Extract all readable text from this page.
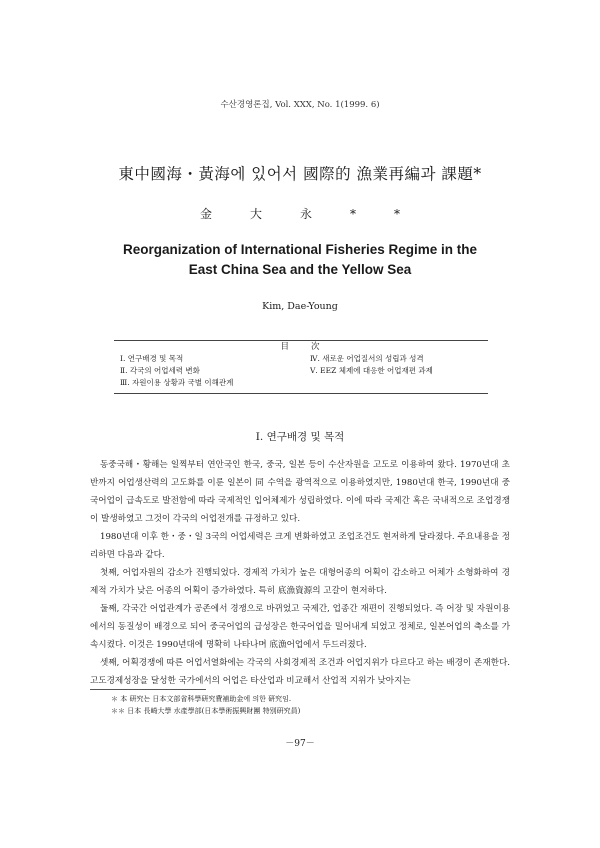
수산경영론집, Vol. XXX, No. 1(1999. 6)
東中國海・黃海에 있어서 國際的 漁業再編과 課題*
金大永**
Reorganization of International Fisheries Regime in the
East China Sea and the Yellow Sea
Kim, Dae-Young
目次
Ⅰ. 연구배경 및 목적
Ⅱ. 각국의 어업세력 변화
Ⅲ. 자원이용 상황과 국별 이해관계
Ⅳ. 새로운 어업질서의 성립과 성격
Ⅴ. EEZ 체제에 대응한 어업재편 과제
Ⅰ. 연구배경 및 목적

동중국해・황해는 일찍부터 연안국인 한국, 중국, 일본 등이 수산자원을 고도로 이용하여 왔다. 1970년대 초반까지 어업생산력의 고도화를 이룬 일본이 同 수역을 광역적으로 이용하였지만, 1980년대 한국, 1990년대 중국어업이 급속도로 발전함에 따라 국제적인 입어체제가 성립하였다. 이에 따라 국제간 혹은 국내적으로 조업경쟁이 발생하였고 그것이 각국의 어업전개를 규정하고 있다.

1980년대 이후 한・중・일 3국의 어업세력은 크게 변화하였고 조업조건도 현저하게 달라졌다. 주요내용을 정리하면 다음과 같다.

첫째, 어업자원의 감소가 진행되었다. 경제적 가치가 높은 대형어종의 어획이 감소하고 어체가 소형화하여 경제적 가치가 낮은 어종의 어획이 증가하였다. 특히 底漁資源의 고갈이 현저하다.

둘째, 각국간 어업관계가 공존에서 경쟁으로 바뀌었고 국제간, 업종간 재편이 진행되었다. 즉 어장 및 자원이용에서의 동질성이 배경으로 되어 중국어업의 급성장은 한국어업을 밀어내게 되었고 정체로, 일본어업의 축소를 가속시켰다. 이것은 1990년대에 명확히 나타나며 底漁어업에서 두드러졌다.

셋째, 어획경쟁에 따른 어업서열화에는 각국의 사회경제적 조건과 어업지위가 다르다고 하는 배경이 존재한다. 고도경제성장을 달성한 국가에서의 어업은 타산업과 비교해서 산업적 지위가 낮아지는

＊ 本 硏究는 日本文部省科學硏究費補助金에 의한 硏究임.
＊＊ 日本 長崎大學 水產學部(日本學術振興財團 特別硏究員)
－97－
